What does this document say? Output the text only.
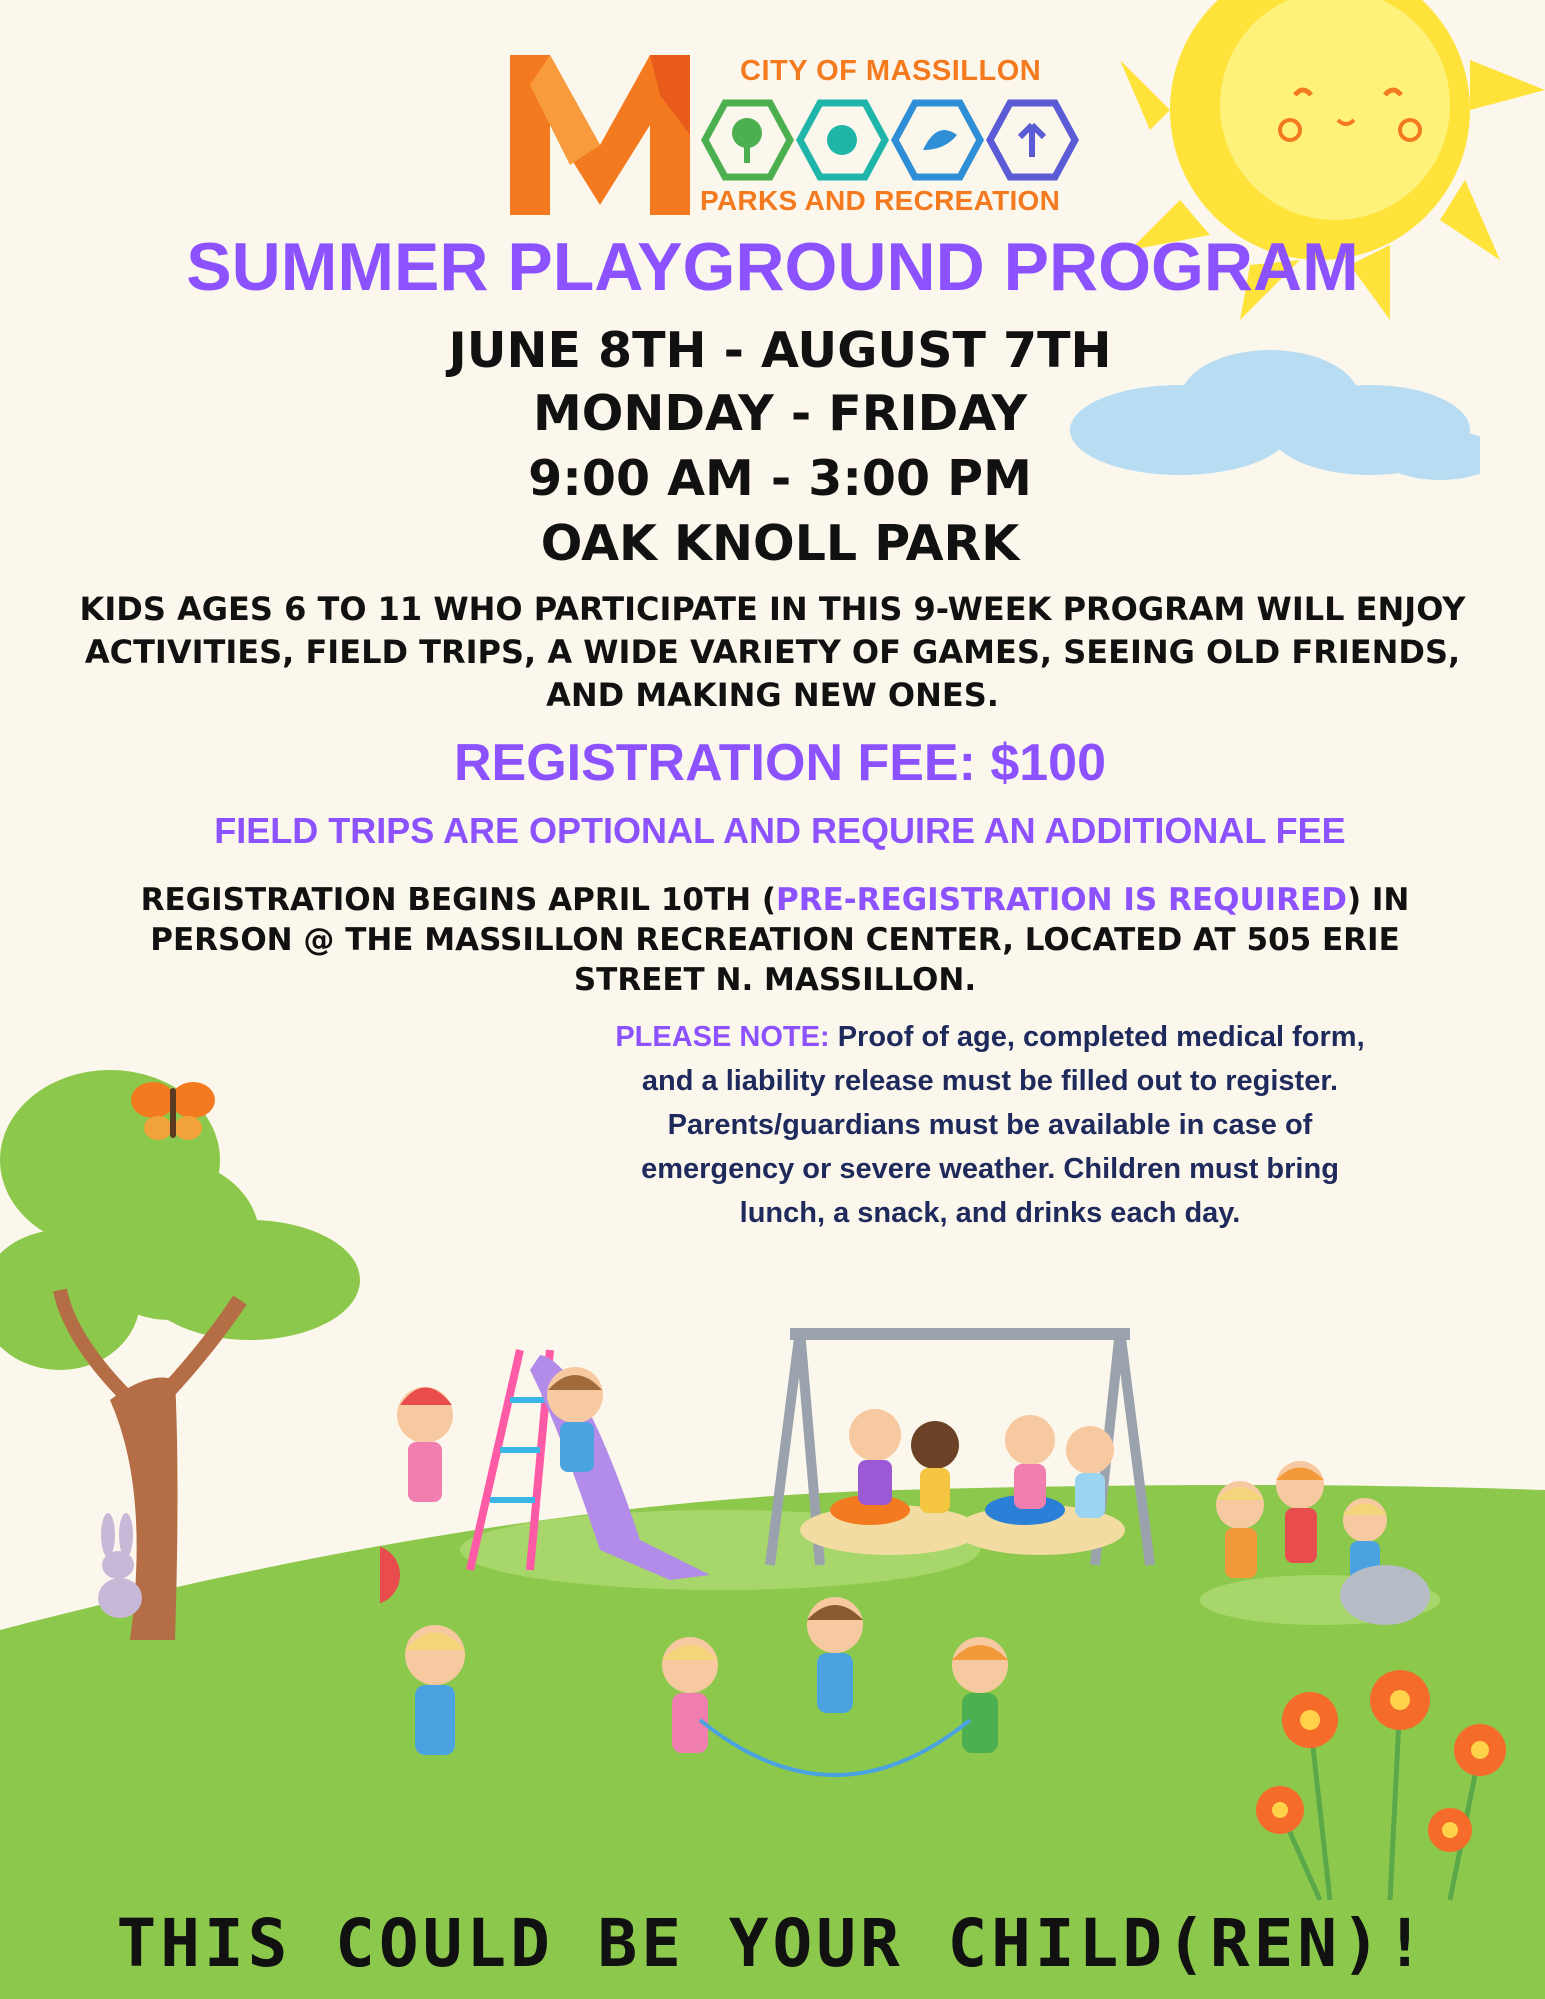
CITY OF MASSILLON
PARKS AND RECREATION
SUMMER PLAYGROUND PROGRAM
JUNE 8TH - AUGUST 7TH
MONDAY - FRIDAY
9:00 AM - 3:00 PM
OAK KNOLL PARK
KIDS AGES 6 TO 11 WHO PARTICIPATE IN THIS 9-WEEK PROGRAM WILL ENJOY ACTIVITIES, FIELD TRIPS, A WIDE VARIETY OF GAMES, SEEING OLD FRIENDS, AND MAKING NEW ONES.
REGISTRATION FEE: $100
FIELD TRIPS ARE OPTIONAL AND REQUIRE AN ADDITIONAL FEE
REGISTRATION BEGINS APRIL 10TH (PRE-REGISTRATION IS REQUIRED) IN PERSON @ THE MASSILLON RECREATION CENTER, LOCATED AT 505 ERIE STREET N. MASSILLON.
PLEASE NOTE: Proof of age, completed medical form, and a liability release must be filled out to register. Parents/guardians must be available in case of emergency or severe weather. Children must bring lunch, a snack, and drinks each day.
THIS COULD BE YOUR CHILD(REN)!
